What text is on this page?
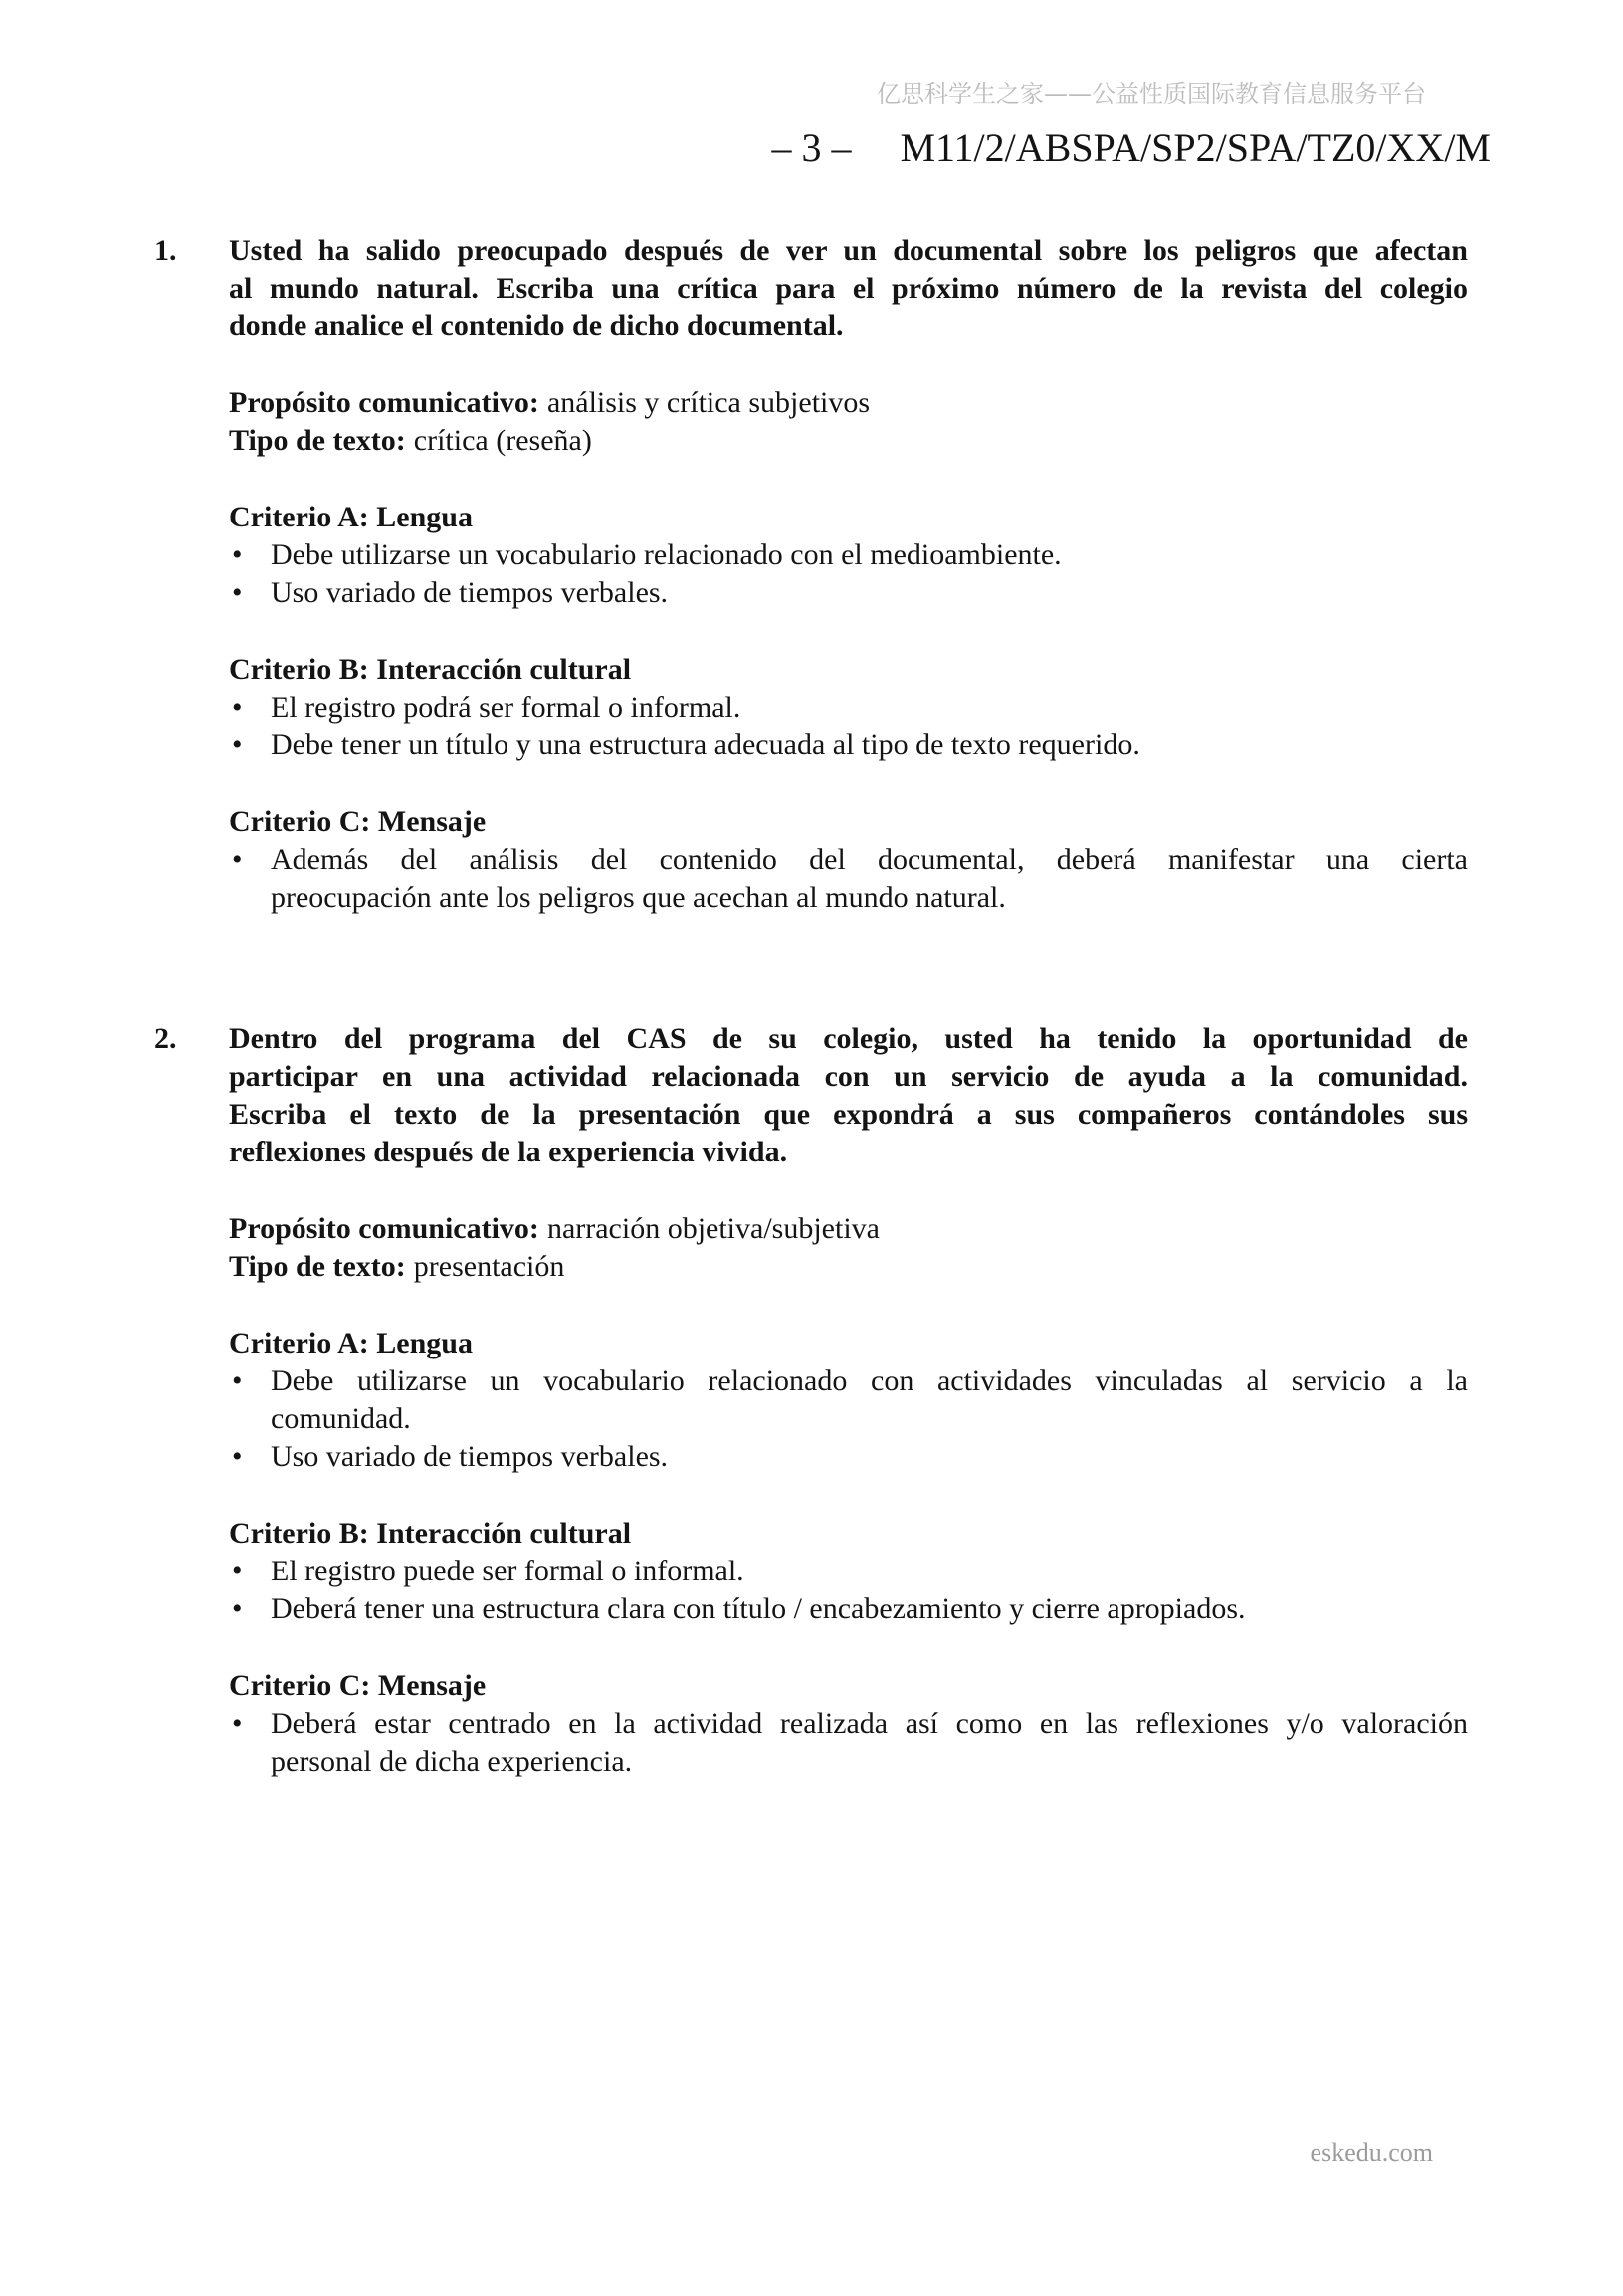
亿思科学生之家——公益性质国际教育信息服务平台
– 3 –	M11/2/ABSPA/SP2/SPA/TZ0/XX/M
1. Usted ha salido preocupado después de ver un documental sobre los peligros que afectan
al mundo natural. Escriba una crítica para el próximo número de la revista del colegio
donde analice el contenido de dicho documental.
Propósito comunicativo: análisis y crítica subjetivos
Tipo de texto: crítica (reseña)
Criterio A: Lengua
• Debe utilizarse un vocabulario relacionado con el medioambiente.
• Uso variado de tiempos verbales.
Criterio B: Interacción cultural
• El registro podrá ser formal o informal.
• Debe tener un título y una estructura adecuada al tipo de texto requerido.
Criterio C: Mensaje
• Además del análisis del contenido del documental, deberá manifestar una cierta
preocupación ante los peligros que acechan al mundo natural.
2. Dentro del programa del CAS de su colegio, usted ha tenido la oportunidad de
participar en una actividad relacionada con un servicio de ayuda a la comunidad.
Escriba el texto de la presentación que expondrá a sus compañeros contándoles sus
reflexiones después de la experiencia vivida.
Propósito comunicativo: narración objetiva/subjetiva
Tipo de texto: presentación
Criterio A: Lengua
• Debe utilizarse un vocabulario relacionado con actividades vinculadas al servicio a la
comunidad.
• Uso variado de tiempos verbales.
Criterio B: Interacción cultural
• El registro puede ser formal o informal.
• Deberá tener una estructura clara con título / encabezamiento y cierre apropiados.
Criterio C: Mensaje
• Deberá estar centrado en la actividad realizada así como en las reflexiones y/o valoración
personal de dicha experiencia.
eskedu.com
